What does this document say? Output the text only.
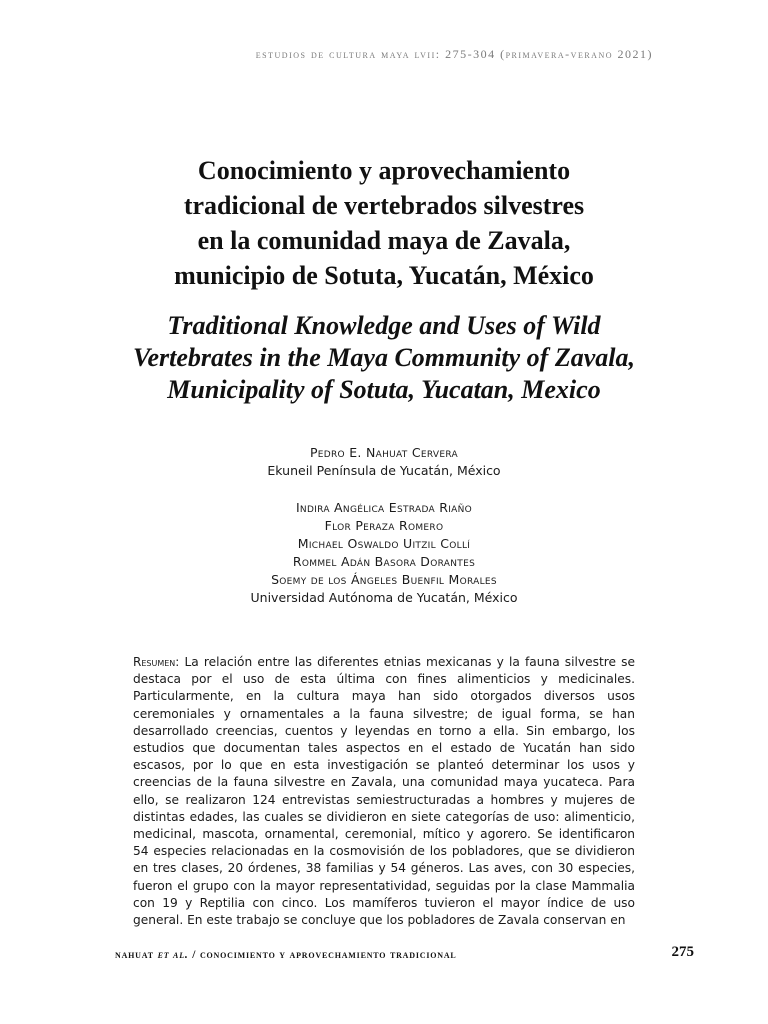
estudios de cultura maya lvii: 275-304 (primavera-verano 2021)
Conocimiento y aprovechamiento
tradicional de vertebrados silvestres
en la comunidad maya de Zavala,
municipio de Sotuta, Yucatán, México
Traditional Knowledge and Uses of Wild
Vertebrates in the Maya Community of Zavala,
Municipality of Sotuta, Yucatan, Mexico
Pedro E. Nahuat Cervera
Ekuneil Península de Yucatán, México
Indira Angélica Estrada Riaño
Flor Peraza Romero
Michael Oswaldo Uitzil Collí
Rommel Adán Basora Dorantes
Soemy de los Ángeles Buenfil Morales
Universidad Autónoma de Yucatán, México

Resumen: La relación entre las diferentes etnias mexicanas y la fauna silvestre se destaca por el uso de esta última con fines alimenticios y medicinales. Particularmente, en la cultura maya han sido otorgados diversos usos ceremoniales y ornamentales a la fauna silvestre; de igual forma, se han desarrollado creencias, cuentos y leyendas en torno a ella. Sin embargo, los estudios que documentan tales aspectos en el estado de Yucatán han sido escasos, por lo que en esta investigación se planteó determinar los usos y creencias de la fauna silvestre en Zavala, una comunidad maya yucateca. Para ello, se realizaron 124 entrevistas semiestructuradas a hombres y mujeres de distintas edades, las cuales se dividieron en siete categorías de uso: alimenticio, medicinal, mascota, ornamental, ceremonial, mítico y agorero. Se identificaron 54 especies relacionadas en la cosmovisión de los pobladores, que se dividieron en tres clases, 20 órdenes, 38 familias y 54 géneros. Las aves, con 30 especies, fueron el grupo con la mayor representatividad, seguidas por la clase Mammalia con 19 y Reptilia con cinco. Los mamíferos tuvieron el mayor índice de uso general. En este trabajo se concluye que los pobladores de Zavala conservan en

nahuat et al. / conocimiento y aprovechamiento tradicional	275
